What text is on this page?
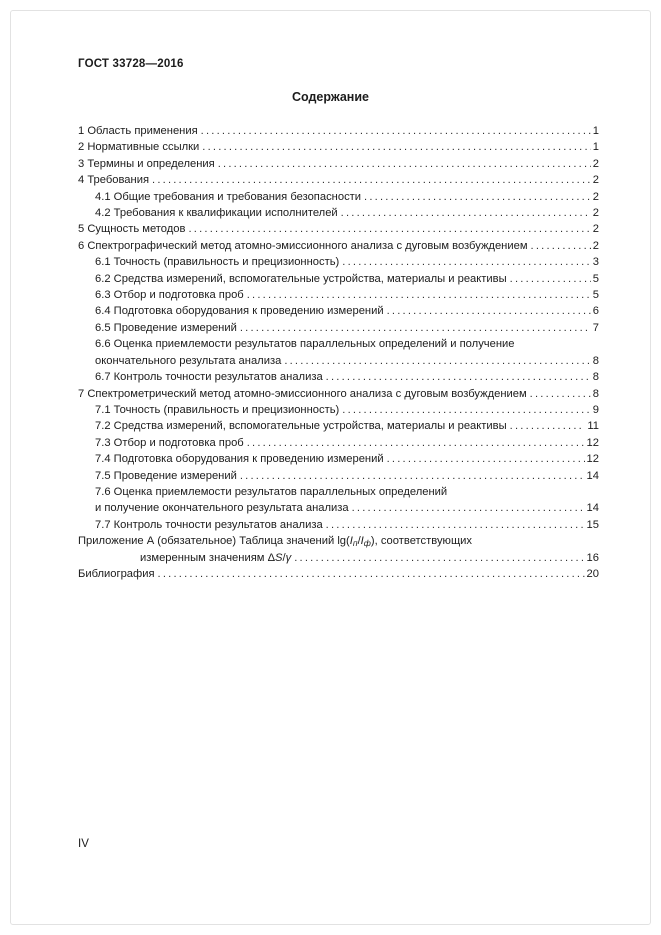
ГОСТ 33728—2016
Содержание
1 Область применения .....	1
2 Нормативные ссылки .....	1
3 Термины и определения .....	2
4 Требования .....	2
4.1 Общие требования и требования безопасности .....	2
4.2 Требования к квалификации исполнителей .....	2
5 Сущность методов .....	2
6 Спектрографический метод атомно-эмиссионного анализа с дуговым возбуждением .....	2
6.1 Точность (правильность и прецизионность) .....	3
6.2 Средства измерений, вспомогательные устройства, материалы и реактивы .....	5
6.3 Отбор и подготовка проб .....	5
6.4 Подготовка оборудования к проведению измерений .....	6
6.5 Проведение измерений .....	7
6.6 Оценка приемлемости результатов параллельных определений и получение
окончательного результата анализа .....	8
6.7 Контроль точности результатов анализа .....	8
7 Спектрометрический метод атомно-эмиссионного анализа с дуговым возбуждением .....	8
7.1 Точность (правильность и прецизионность) .....	9
7.2 Средства измерений, вспомогательные устройства, материалы и реактивы .....	11
7.3 Отбор и подготовка проб .....	12
7.4 Подготовка оборудования к проведению измерений .....	12
7.5 Проведение измерений .....	14
7.6 Оценка приемлемости результатов параллельных определений
и получение окончательного результата анализа .....	14
7.7 Контроль точности результатов анализа .....	15
Приложение А (обязательное) Таблица значений $\lg(I_п/I_ф)$, соответствующих
измеренным значениям ΔS/γ .....	16
Библиография .....	20
IV
